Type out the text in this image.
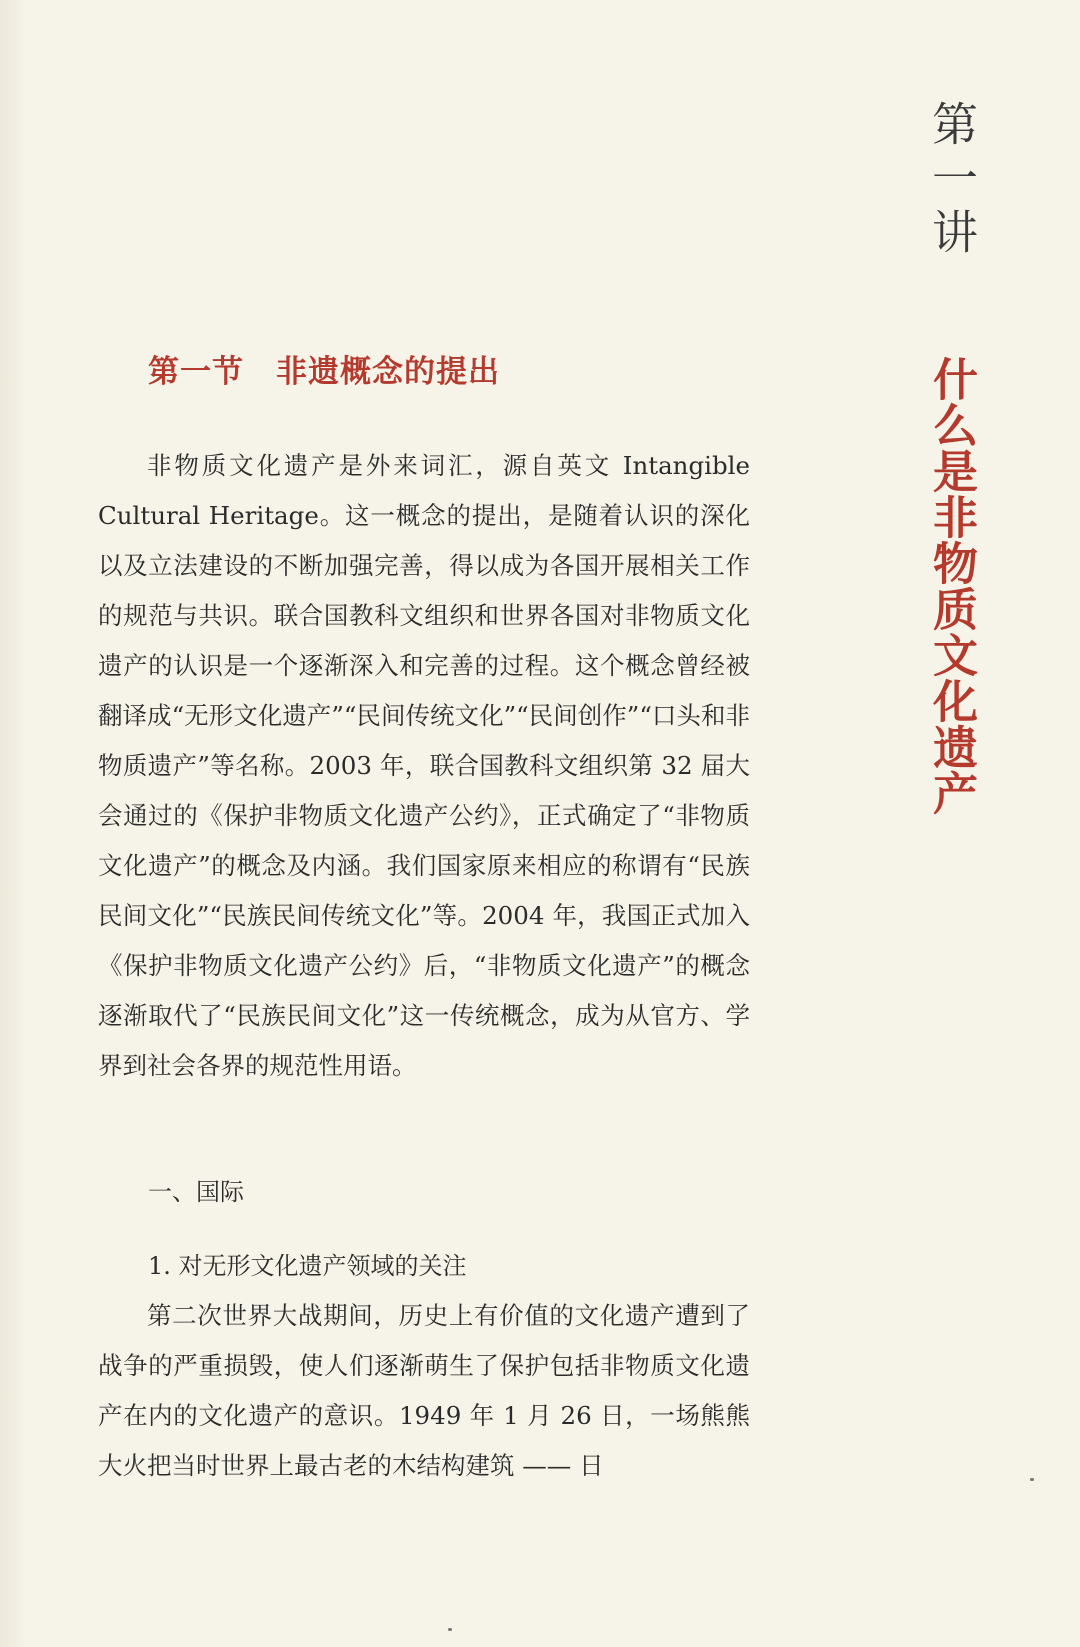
第一讲
什么是非物质文化遗产
第一节　非遗概念的提出

非物质文化遗产是外来词汇，源自英文 Intangible Cultural Heritage。这一概念的提出，是随着认识的深化以及立法建设的不断加强完善，得以成为各国开展相关工作的规范与共识。联合国教科文组织和世界各国对非物质文化遗产的认识是一个逐渐深入和完善的过程。这个概念曾经被翻译成“无形文化遗产”“民间传统文化”“民间创作”“口头和非物质遗产”等名称。2003 年，联合国教科文组织第 32 届大会通过的《保护非物质文化遗产公约》，正式确定了“非物质文化遗产”的概念及内涵。我们国家原来相应的称谓有“民族民间文化”“民族民间传统文化”等。2004 年，我国正式加入《保护非物质文化遗产公约》后，“非物质文化遗产”的概念逐渐取代了“民族民间文化”这一传统概念，成为从官方、学界到社会各界的规范性用语。

一、国际
1. 对无形文化遗产领域的关注

第二次世界大战期间，历史上有价值的文化遗产遭到了战争的严重损毁，使人们逐渐萌生了保护包括非物质文化遗产在内的文化遗产的意识。1949 年 1 月 26 日，一场熊熊大火把当时世界上最古老的木结构建筑 —— 日
